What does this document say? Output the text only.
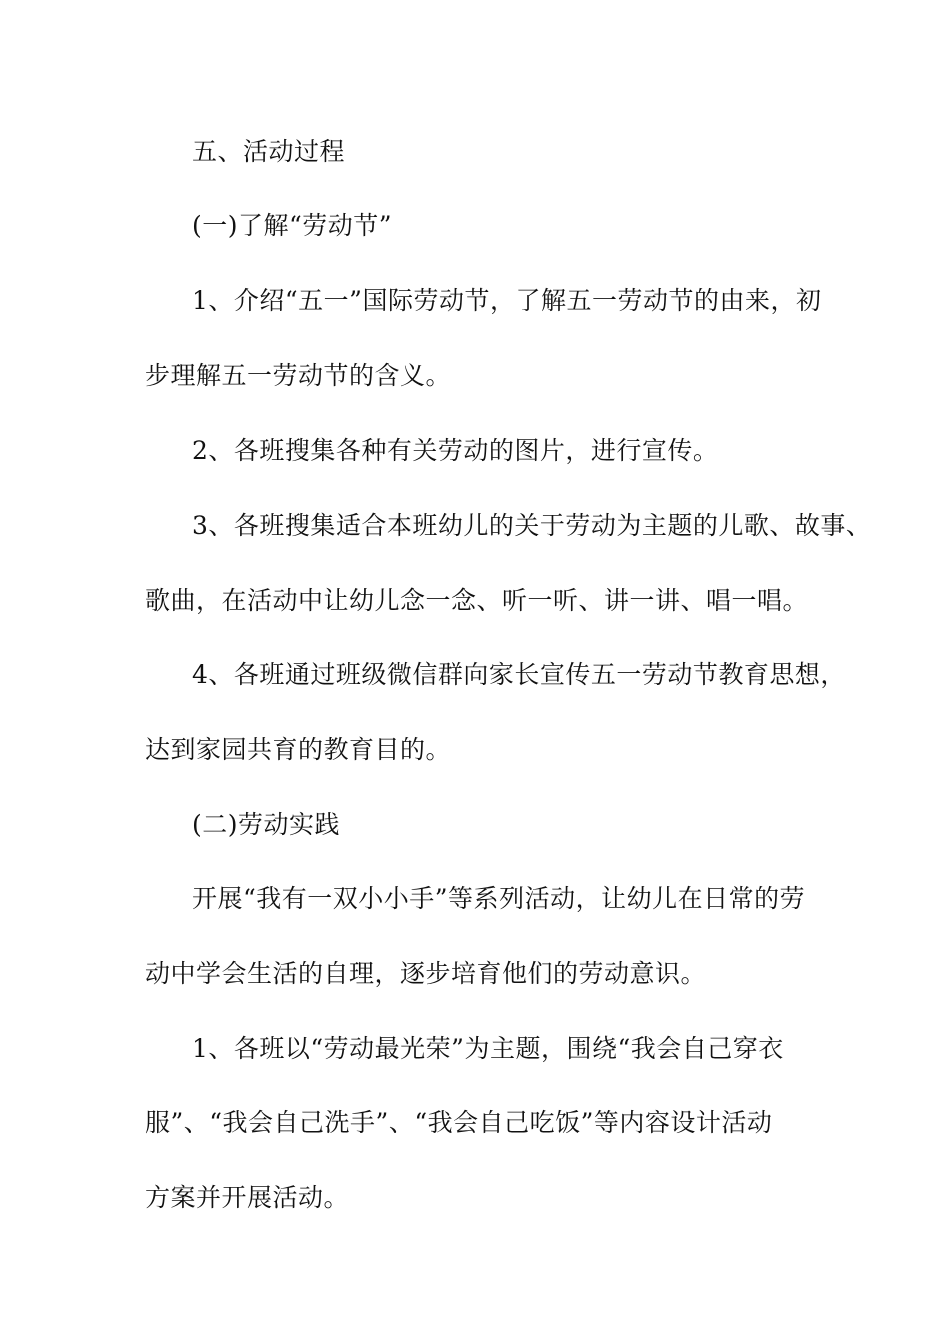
五、活动过程
(一)了解“劳动节”
1、介绍“五一”国际劳动节，了解五一劳动节的由来，初
步理解五一劳动节的含义。
2、各班搜集各种有关劳动的图片，进行宣传。
3、各班搜集适合本班幼儿的关于劳动为主题的儿歌、故事、
歌曲，在活动中让幼儿念一念、听一听、讲一讲、唱一唱。
4、各班通过班级微信群向家长宣传五一劳动节教育思想，
达到家园共育的教育目的。
(二)劳动实践
开展“我有一双小小手”等系列活动，让幼儿在日常的劳
动中学会生活的自理，逐步培育他们的劳动意识。
1、各班以“劳动最光荣”为主题，围绕“我会自己穿衣
服”、“我会自己洗手”、“我会自己吃饭”等内容设计活动
方案并开展活动。
